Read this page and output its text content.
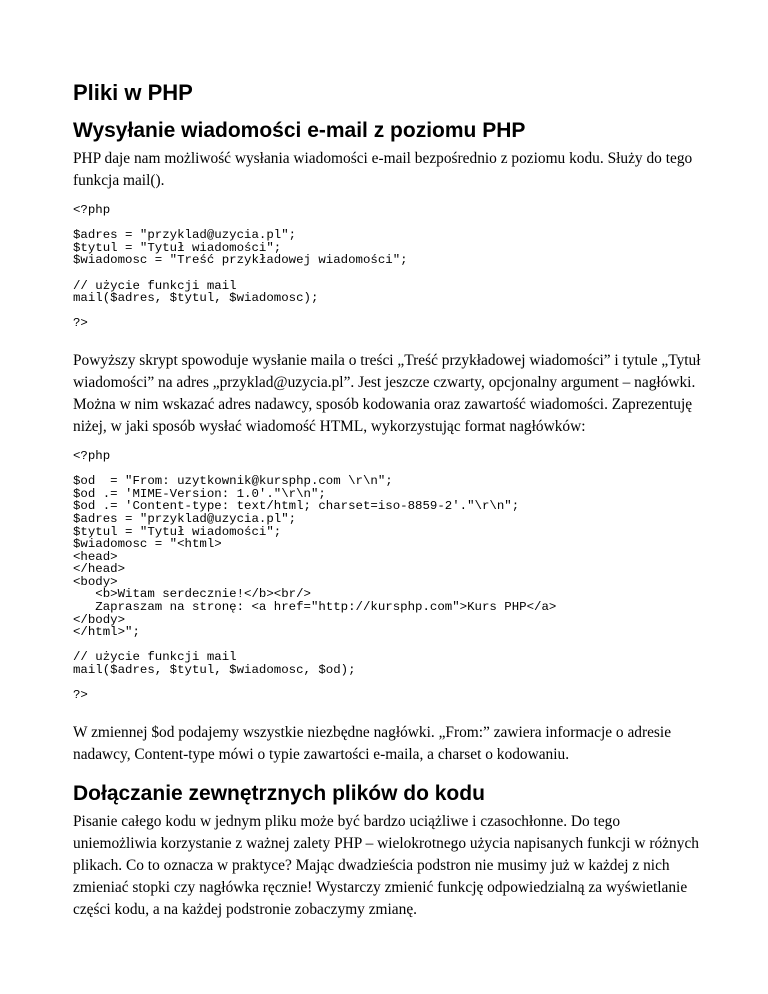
Pliki w PHP
Wysyłanie wiadomości e-mail z poziomu PHP

PHP daje nam możliwość wysłania wiadomości e-mail bezpośrednio z poziomu kodu. Służy do tego funkcja mail().

<?php
$adres = "przyklad@uzycia.pl";
$tytul = "Tytuł wiadomości";
$wiadomosc = "Treść przykładowej wiadomości";
// użycie funkcji mail
mail($adres, $tytul, $wiadomosc);
?>

Powyższy skrypt spowoduje wysłanie maila o treści „Treść przykładowej wiadomości” i tytule „Tytuł wiadomości” na adres „przyklad@uzycia.pl”. Jest jeszcze czwarty, opcjonalny argument – nagłówki. Można w nim wskazać adres nadawcy, sposób kodowania oraz zawartość wiadomości. Zaprezentuję niżej, w jaki sposób wysłać wiadomość HTML, wykorzystując format nagłówków:

<?php
$od  = "From: uzytkownik@kursphp.com \r\n";
$od .= 'MIME-Version: 1.0'."\r\n";
$od .= 'Content-type: text/html; charset=iso-8859-2'."\r\n";
$adres = "przyklad@uzycia.pl";
$tytul = "Tytuł wiadomości";
$wiadomosc = "<html>
<head>
</head>
<body>
<b>Witam serdecznie!</b><br/>
Zapraszam na stronę: <a href="http://kursphp.com">Kurs PHP</a>
</body>
</html>";
// użycie funkcji mail
mail($adres, $tytul, $wiadomosc, $od);
?>

W zmiennej $od podajemy wszystkie niezbędne nagłówki. „From:” zawiera informacje o adresie nadawcy, Content-type mówi o typie zawartości e-maila, a charset o kodowaniu.

Dołączanie zewnętrznych plików do kodu

Pisanie całego kodu w jednym pliku może być bardzo uciążliwe i czasochłonne. Do tego uniemożliwia korzystanie z ważnej zalety PHP – wielokrotnego użycia napisanych funkcji w różnych plikach. Co to oznacza w praktyce? Mając dwadzieścia podstron nie musimy już w każdej z nich zmieniać stopki czy nagłówka ręcznie! Wystarczy zmienić funkcję odpowiedzialną za wyświetlanie części kodu, a na każdej podstronie zobaczymy zmianę.
